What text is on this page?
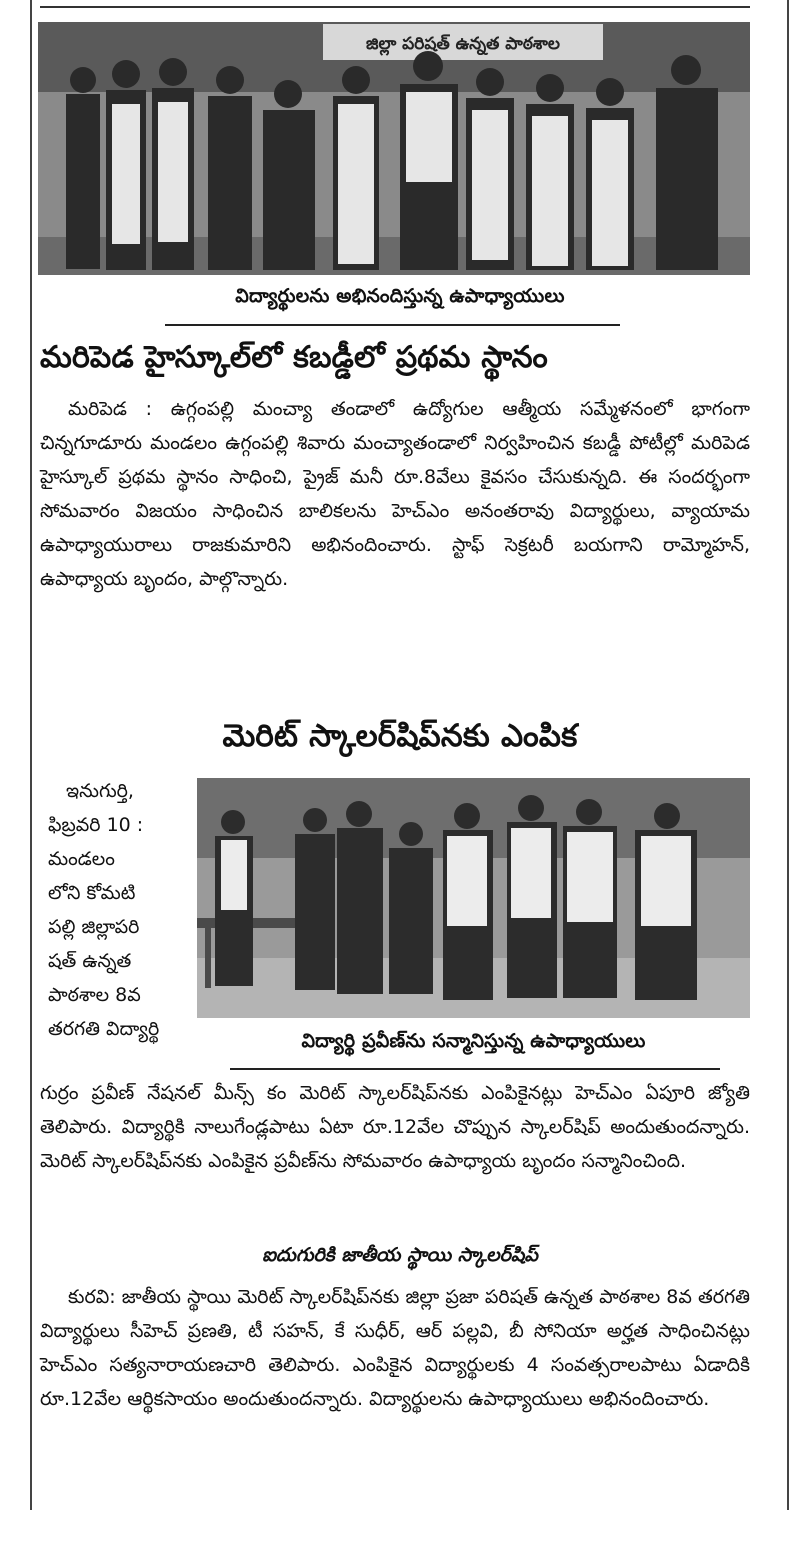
జిల్లా పరిషత్ ఉన్నత పాఠశాల
విద్యార్థులను అభినందిస్తున్న ఉపాధ్యాయులు
మరిపెడ హైస్కూల్‌లో కబడ్డీలో ప్రథమ స్థానం

మరిపెడ : ఉగ్గంపల్లి మంచ్యా తండాలో ఉద్యోగుల ఆత్మీయ సమ్మేళనంలో భాగంగా చిన్నగూడూరు మండలం ఉగ్గంపల్లి శివారు మంచ్యాతండాలో నిర్వహించిన కబడ్డీ పోటీల్లో మరిపెడ హైస్కూల్ ప్రథమ స్థానం సాధించి, ప్రైజ్ మనీ రూ.8వేలు కైవసం చేసుకున్నది. ఈ సందర్భంగా సోమవారం విజయం సాధించిన బాలికలను హెచ్‌ఎం అనంతరావు విద్యార్థులు, వ్యాయామ ఉపాధ్యాయురాలు రాజకుమారిని అభినందించారు. స్టాఫ్ సెక్రటరీ బయగాని రామ్మోహన్, ఉపాధ్యాయ బృందం, పాల్గొన్నారు.

మెరిట్ స్కాలర్‌షిప్‌నకు ఎంపిక
ఇనుగుర్తి,
ఫిబ్రవరి 10 :
మండలం
లోని కోమటి
పల్లి జిల్లాపరి
షత్ ఉన్నత
పాఠశాల 8వ
తరగతి విద్యార్థి
విద్యార్థి ప్రవీణ్‌ను సన్మానిస్తున్న ఉపాధ్యాయులు

గుర్రం ప్రవీణ్ నేషనల్ మీన్స్ కం మెరిట్ స్కాలర్‌షిప్‌నకు ఎంపికైనట్లు హెచ్‌ఎం ఏపూరి జ్యోతి తెలిపారు. విద్యార్థికి నాలుగేండ్లపాటు ఏటా రూ.12వేల చొప్పున స్కాలర్‌షిప్ అందుతుందన్నారు. మెరిట్ స్కాలర్‌షిప్‌నకు ఎంపికైన ప్రవీణ్‌ను సోమవారం ఉపాధ్యాయ బృందం సన్మానించింది.

ఐదుగురికి జాతీయ స్థాయి స్కాలర్‌షిప్

కురవి: జాతీయ స్థాయి మెరిట్ స్కాలర్‌షిప్‌నకు జిల్లా ప్రజా పరిషత్ ఉన్నత పాఠశాల 8వ తరగతి విద్యార్థులు సీహెచ్ ప్రణతి, టీ సహన్, కే సుధీర్, ఆర్ పల్లవి, బీ సోనియా అర్హత సాధించినట్లు హెచ్‌ఎం సత్యనారాయణచారి తెలిపారు. ఎంపికైన విద్యార్థులకు 4 సంవత్సరాలపాటు ఏడాదికి రూ.12వేల ఆర్థికసాయం అందుతుందన్నారు. విద్యార్థులను ఉపాధ్యాయులు అభినందించారు.
